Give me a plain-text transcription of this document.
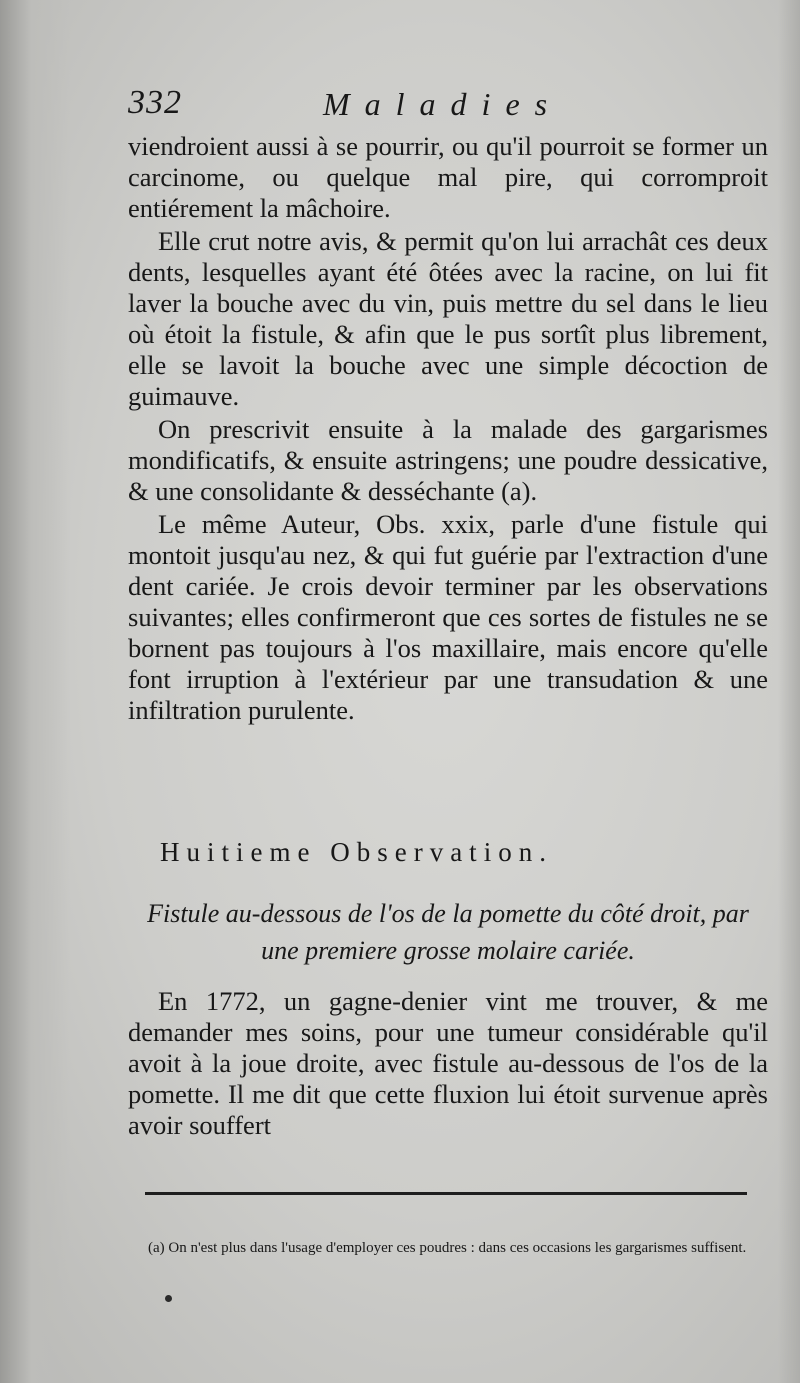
332	Maladies

viendroient aussi à se pourrir, ou qu'il pourroit se former un carcinome, ou quelque mal pire, qui corromproit entiérement la mâchoire.

Elle crut notre avis, & permit qu'on lui arrachât ces deux dents, lesquelles ayant été ôtées avec la racine, on lui fit laver la bouche avec du vin, puis mettre du sel dans le lieu où étoit la fistule, & afin que le pus sortît plus librement, elle se lavoit la bouche avec une simple décoction de guimauve.

On prescrivit ensuite à la malade des gargarismes mondificatifs, & ensuite astringens; une poudre dessicative, & une consolidante & desséchante (a).

Le même Auteur, Obs. xxix, parle d'une fistule qui montoit jusqu'au nez, & qui fut guérie par l'extraction d'une dent cariée. Je crois devoir terminer par les observations suivantes; elles confirmeront que ces sortes de fistules ne se bornent pas toujours à l'os maxillaire, mais encore qu'elle font irruption à l'extérieur par une transudation & une infiltration purulente.

Huitieme Observation.
Fistule au-dessous de l'os de la pomette du côté droit, par une premiere grosse molaire cariée.

En 1772, un gagne-denier vint me trouver, & me demander mes soins, pour une tumeur considérable qu'il avoit à la joue droite, avec fistule au-dessous de l'os de la pomette. Il me dit que cette fluxion lui étoit survenue après avoir souffert

(a) On n'est plus dans l'usage d'employer ces poudres : dans ces occasions les gargarismes suffisent.
